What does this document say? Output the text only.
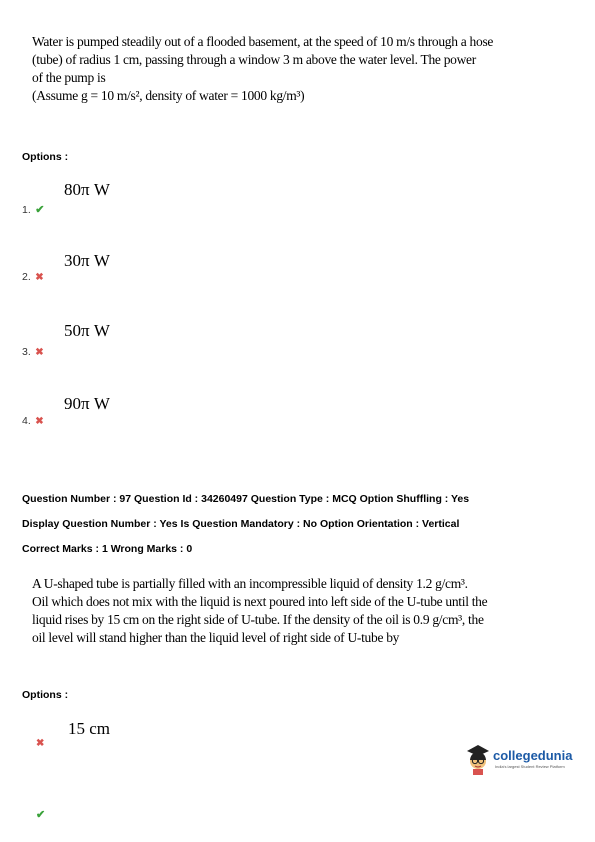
Water is pumped steadily out of a flooded basement, at the speed of 10 m/s through a hose
(tube) of radius 1 cm, passing through a window 3 m above the water level. The power
of the pump is
(Assume g = 10 m/s², density of water = 1000 kg/m³)
Options :
80π W
1. ✔
30π W
2. ✖
50π W
3. ✖
90π W
4. ✖
Question Number : 97 Question Id : 34260497 Question Type : MCQ Option Shuffling : Yes
Display Question Number : Yes Is Question Mandatory : No Option Orientation : Vertical
Correct Marks : 1 Wrong Marks : 0
A U-shaped tube is partially filled with an incompressible liquid of density 1.2 g/cm³.
Oil which does not mix with the liquid is next poured into left side of the U-tube until the
liquid rises by 15 cm on the right side of U-tube. If the density of the oil is 0.9 g/cm³, the
oil level will stand higher than the liquid level of right side of U-tube by
Options :
15 cm
✖
✔
collegedunia
India's largest Student Review Platform
